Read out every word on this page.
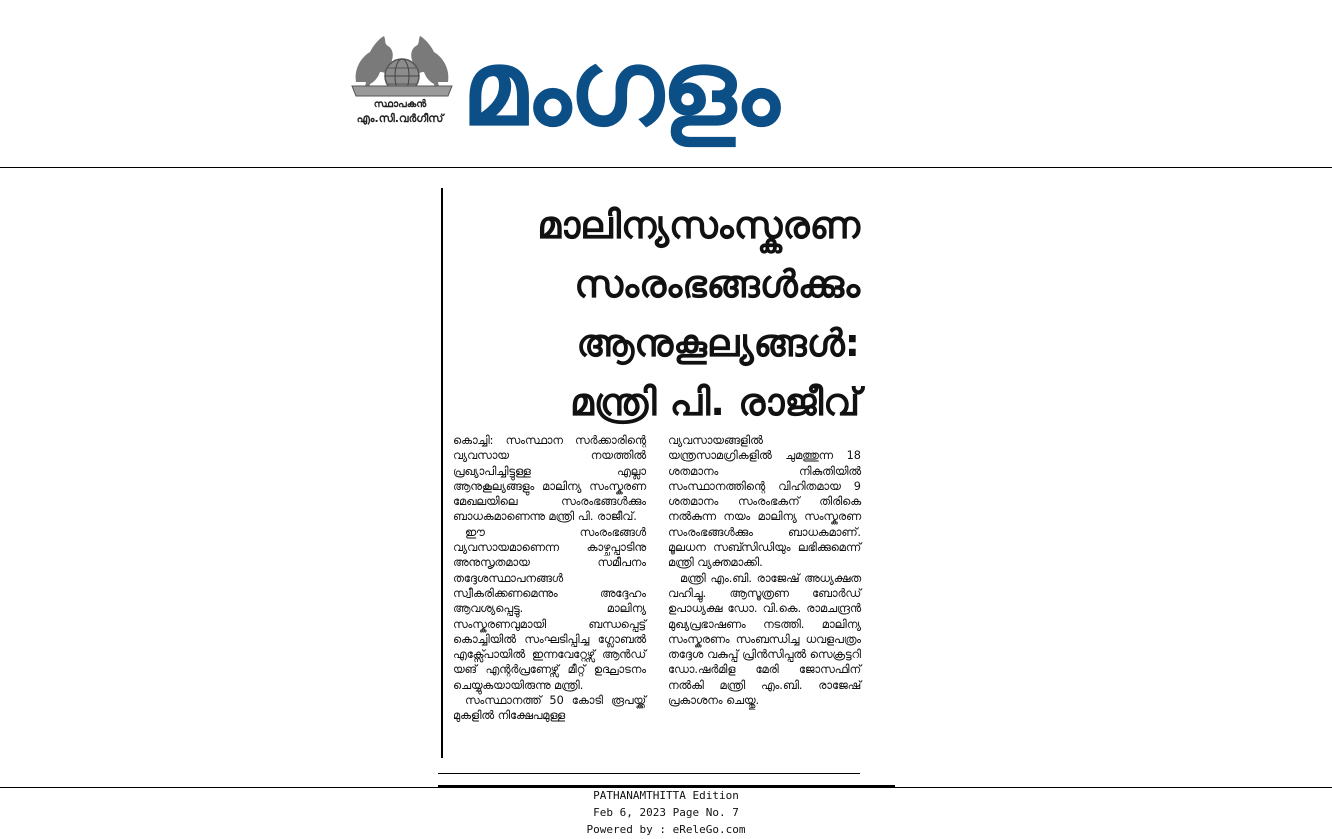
സ്ഥാപകൻ
എം.സി.വർഗീസ് മംഗളം
മാലിന്യസംസ്കരണ
സംരംഭങ്ങൾക്കും
ആനുകൂല്യങ്ങൾ:
മന്ത്രി പി. രാജീവ്

കൊച്ചി: സംസ്ഥാന സർക്കാരിന്റെ വ്യവസായ നയത്തിൽ പ്രഖ്യാപിച്ചിട്ടുള്ള എല്ലാ ആനുകൂല്യങ്ങളും മാലിന്യ സംസ്കരണ മേഖലയിലെ സംരംഭങ്ങൾക്കും ബാധകമാണെന്നു മന്ത്രി പി. രാജീവ്.

ഈ സംരംഭങ്ങൾ വ്യവസായമാണെന്ന കാഴ്ചപ്പാടിനു അനുസൃതമായ സമീപനം തദ്ദേശസ്ഥാപനങ്ങൾ സ്വീകരിക്കണമെന്നും അദ്ദേഹം ആവശ്യപ്പെട്ടു. മാലിന്യ സംസ്കരണവുമായി ബന്ധപ്പെട്ട് കൊച്ചിയിൽ സംഘടിപ്പിച്ച ഗ്ലോബൽ എക്സ്പോയിൽ ഇന്നവേറ്റേഴ്സ് ആൻഡ് യങ് എന്റർപ്രണേഴ്സ് മീറ്റ് ഉദ്ഘാടനം ചെയ്യുകയായിരുന്നു മന്ത്രി.

സംസ്ഥാനത്ത് 50 കോടി രൂപയ്ക്ക് മുകളിൽ നിക്ഷേപമുള്ള

വ്യവസായങ്ങളിൽ യന്ത്രസാമഗ്രികളിൽ ചുമത്തുന്ന 18 ശതമാനം നികുതിയിൽ സംസ്ഥാനത്തിന്റെ വിഹിതമായ 9 ശതമാനം സംരംഭകന് തിരികെ നൽകുന്ന നയം മാലിന്യ സംസ്കരണ സംരംഭങ്ങൾക്കും ബാധകമാണ്. മൂലധന സബ്സിഡിയും ലഭിക്കുമെന്ന് മന്ത്രി വ്യക്തമാക്കി.

മന്ത്രി എം.ബി. രാജേഷ് അധ്യക്ഷത വഹിച്ചു. ആസൂത്രണ ബോർഡ് ഉപാധ്യക്ഷ ഡോ. വി.കെ. രാമചന്ദ്രൻ മുഖ്യപ്രഭാഷണം നടത്തി. മാലിന്യ സംസ്കരണം സംബന്ധിച്ച ധവളപത്രം തദ്ദേശ വകുപ്പ് പ്രിൻസിപ്പൽ സെക്രട്ടറി ഡോ.ഷർമിള മേരി ജോസഫിന് നൽകി മന്ത്രി എം.ബി. രാജേഷ് പ്രകാശനം ചെയ്തു.

PATHANAMTHITTA Edition
Feb 6, 2023 Page No. 7
Powered by : eReleGo.com
